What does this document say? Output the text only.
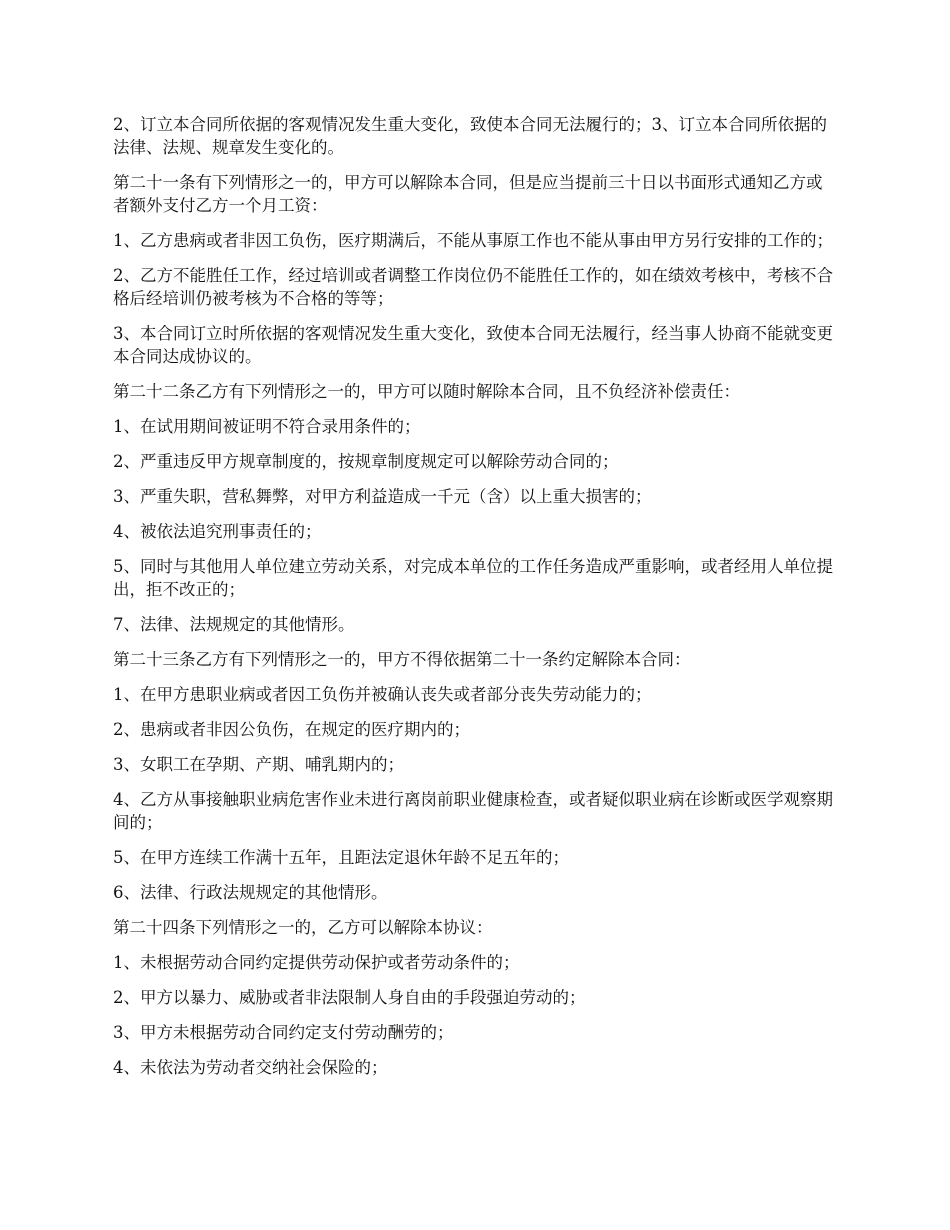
2、订立本合同所依据的客观情况发生重大变化，致使本合同无法履行的；3、订立本合同所依据的法律、法规、规章发生变化的。

第二十一条有下列情形之一的，甲方可以解除本合同，但是应当提前三十日以书面形式通知乙方或者额外支付乙方一个月工资：

1、乙方患病或者非因工负伤，医疗期满后，不能从事原工作也不能从事由甲方另行安排的工作的；

2、乙方不能胜任工作，经过培训或者调整工作岗位仍不能胜任工作的，如在绩效考核中，考核不合格后经培训仍被考核为不合格的等等；

3、本合同订立时所依据的客观情况发生重大变化，致使本合同无法履行，经当事人协商不能就变更本合同达成协议的。

第二十二条乙方有下列情形之一的，甲方可以随时解除本合同，且不负经济补偿责任：

1、在试用期间被证明不符合录用条件的；

2、严重违反甲方规章制度的，按规章制度规定可以解除劳动合同的；

3、严重失职，营私舞弊，对甲方利益造成一千元（含）以上重大损害的；

4、被依法追究刑事责任的；

5、同时与其他用人单位建立劳动关系，对完成本单位的工作任务造成严重影响，或者经用人单位提出，拒不改正的；

7、法律、法规规定的其他情形。

第二十三条乙方有下列情形之一的，甲方不得依据第二十一条约定解除本合同：

1、在甲方患职业病或者因工负伤并被确认丧失或者部分丧失劳动能力的；

2、患病或者非因公负伤，在规定的医疗期内的；

3、女职工在孕期、产期、哺乳期内的；

4、乙方从事接触职业病危害作业未进行离岗前职业健康检查，或者疑似职业病在诊断或医学观察期间的；

5、在甲方连续工作满十五年，且距法定退休年龄不足五年的；

6、法律、行政法规规定的其他情形。

第二十四条下列情形之一的，乙方可以解除本协议：

1、未根据劳动合同约定提供劳动保护或者劳动条件的；

2、甲方以暴力、威胁或者非法限制人身自由的手段强迫劳动的；

3、甲方未根据劳动合同约定支付劳动酬劳的；

4、未依法为劳动者交纳社会保险的；
